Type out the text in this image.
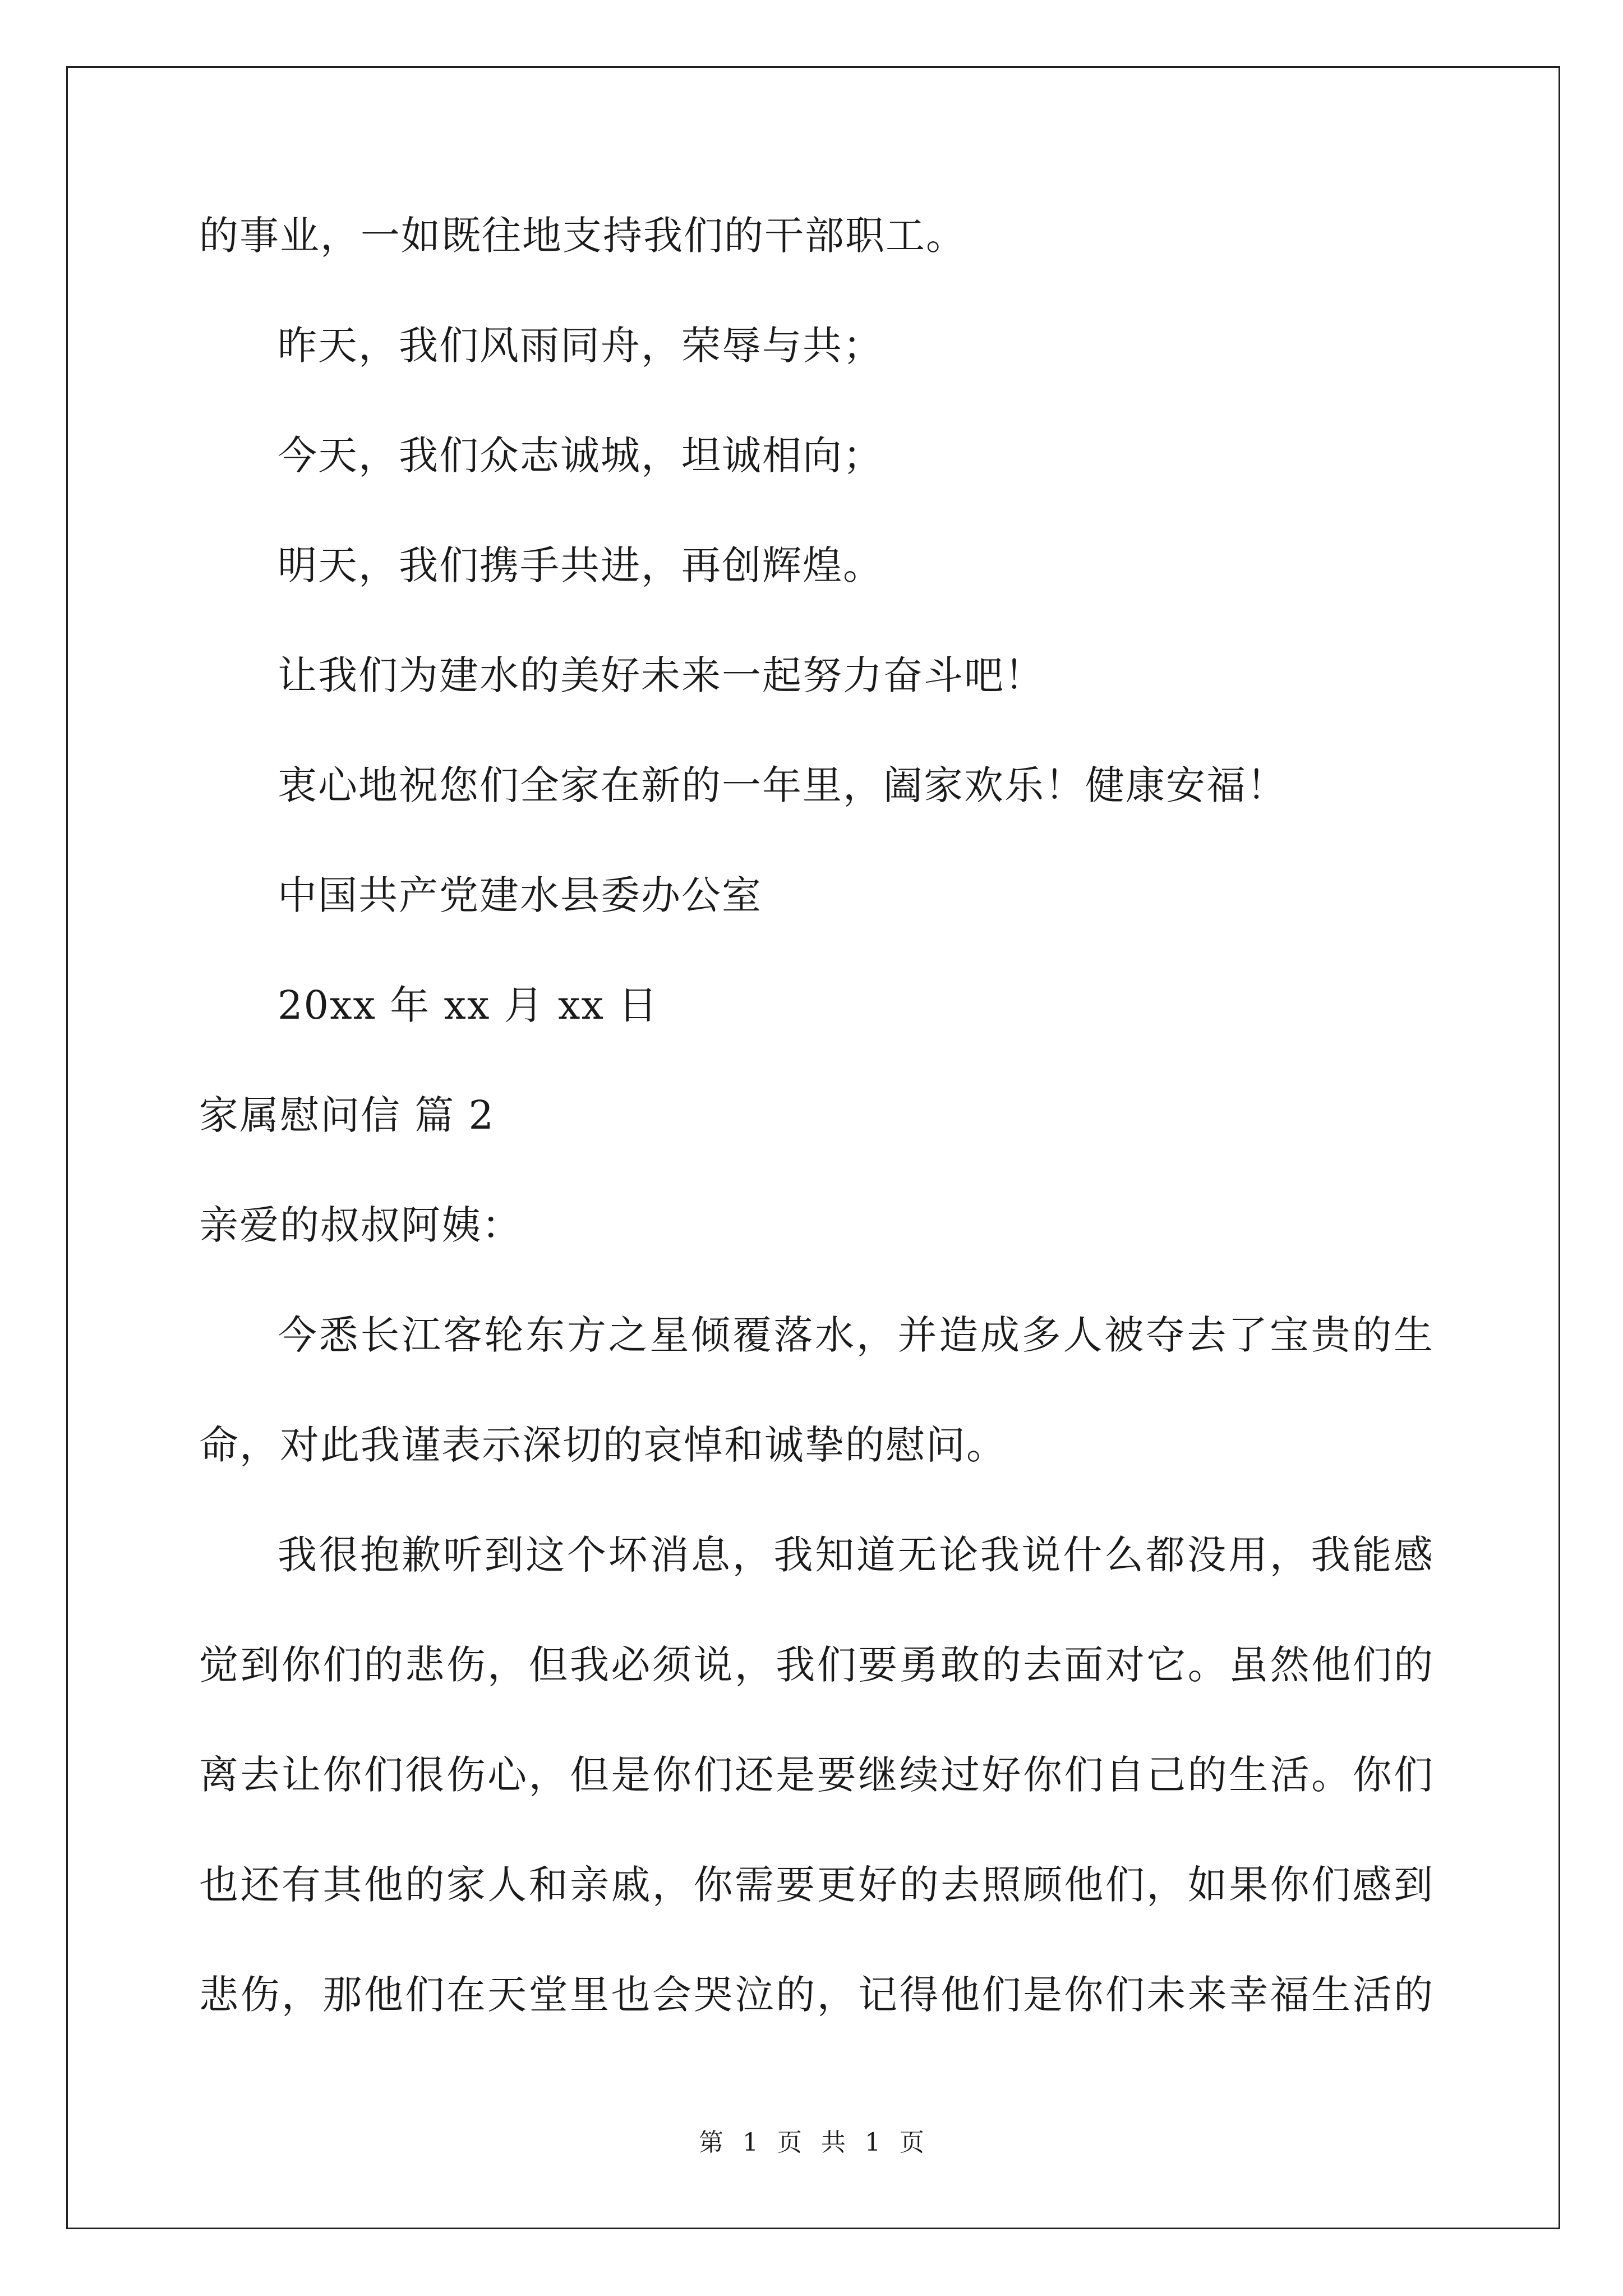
的事业，一如既往地支持我们的干部职工。
昨天，我们风雨同舟，荣辱与共；
今天，我们众志诚城，坦诚相向；
明天，我们携手共进，再创辉煌。
让我们为建水的美好未来一起努力奋斗吧！
衷心地祝您们全家在新的一年里，阖家欢乐！健康安福！
中国共产党建水县委办公室
20xx 年 xx 月 xx 日
家属慰问信 篇 2
亲爱的叔叔阿姨：
今悉长江客轮东方之星倾覆落水，并造成多人被夺去了宝贵的生
命，对此我谨表示深切的哀悼和诚挚的慰问。
我很抱歉听到这个坏消息，我知道无论我说什么都没用，我能感
觉到你们的悲伤，但我必须说，我们要勇敢的去面对它。虽然他们的
离去让你们很伤心，但是你们还是要继续过好你们自己的生活。你们
也还有其他的家人和亲戚，你需要更好的去照顾他们，如果你们感到
悲伤，那他们在天堂里也会哭泣的，记得他们是你们未来幸福生活的
第 1 页 共 1 页
